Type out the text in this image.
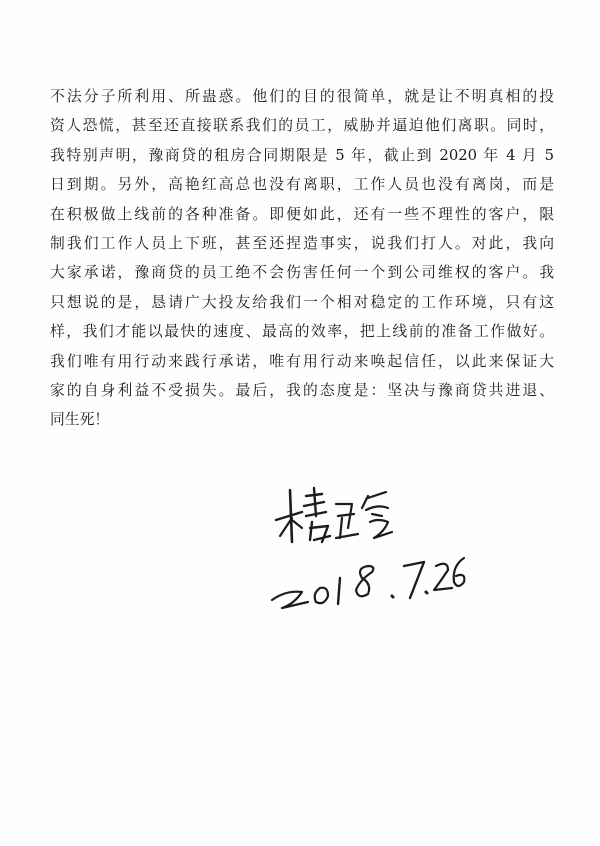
不法分子所利用、所蛊惑。他们的目的很简单，就是让不明真相的投
资人恐慌，甚至还直接联系我们的员工，威胁并逼迫他们离职。同时，
我特别声明，豫商贷的租房合同期限是 5 年，截止到 2020 年 4 月 5
日到期。另外，高艳红高总也没有离职，工作人员也没有离岗，而是
在积极做上线前的各种准备。即便如此，还有一些不理性的客户，限
制我们工作人员上下班，甚至还捏造事实，说我们打人。对此，我向
大家承诺，豫商贷的员工绝不会伤害任何一个到公司维权的客户。我
只想说的是，恳请广大投友给我们一个相对稳定的工作环境，只有这
样，我们才能以最快的速度、最高的效率，把上线前的准备工作做好。
我们唯有用行动来践行承诺，唯有用行动来唤起信任，以此来保证大
家的自身利益不受损失。最后，我的态度是：坚决与豫商贷共进退、
同生死！
